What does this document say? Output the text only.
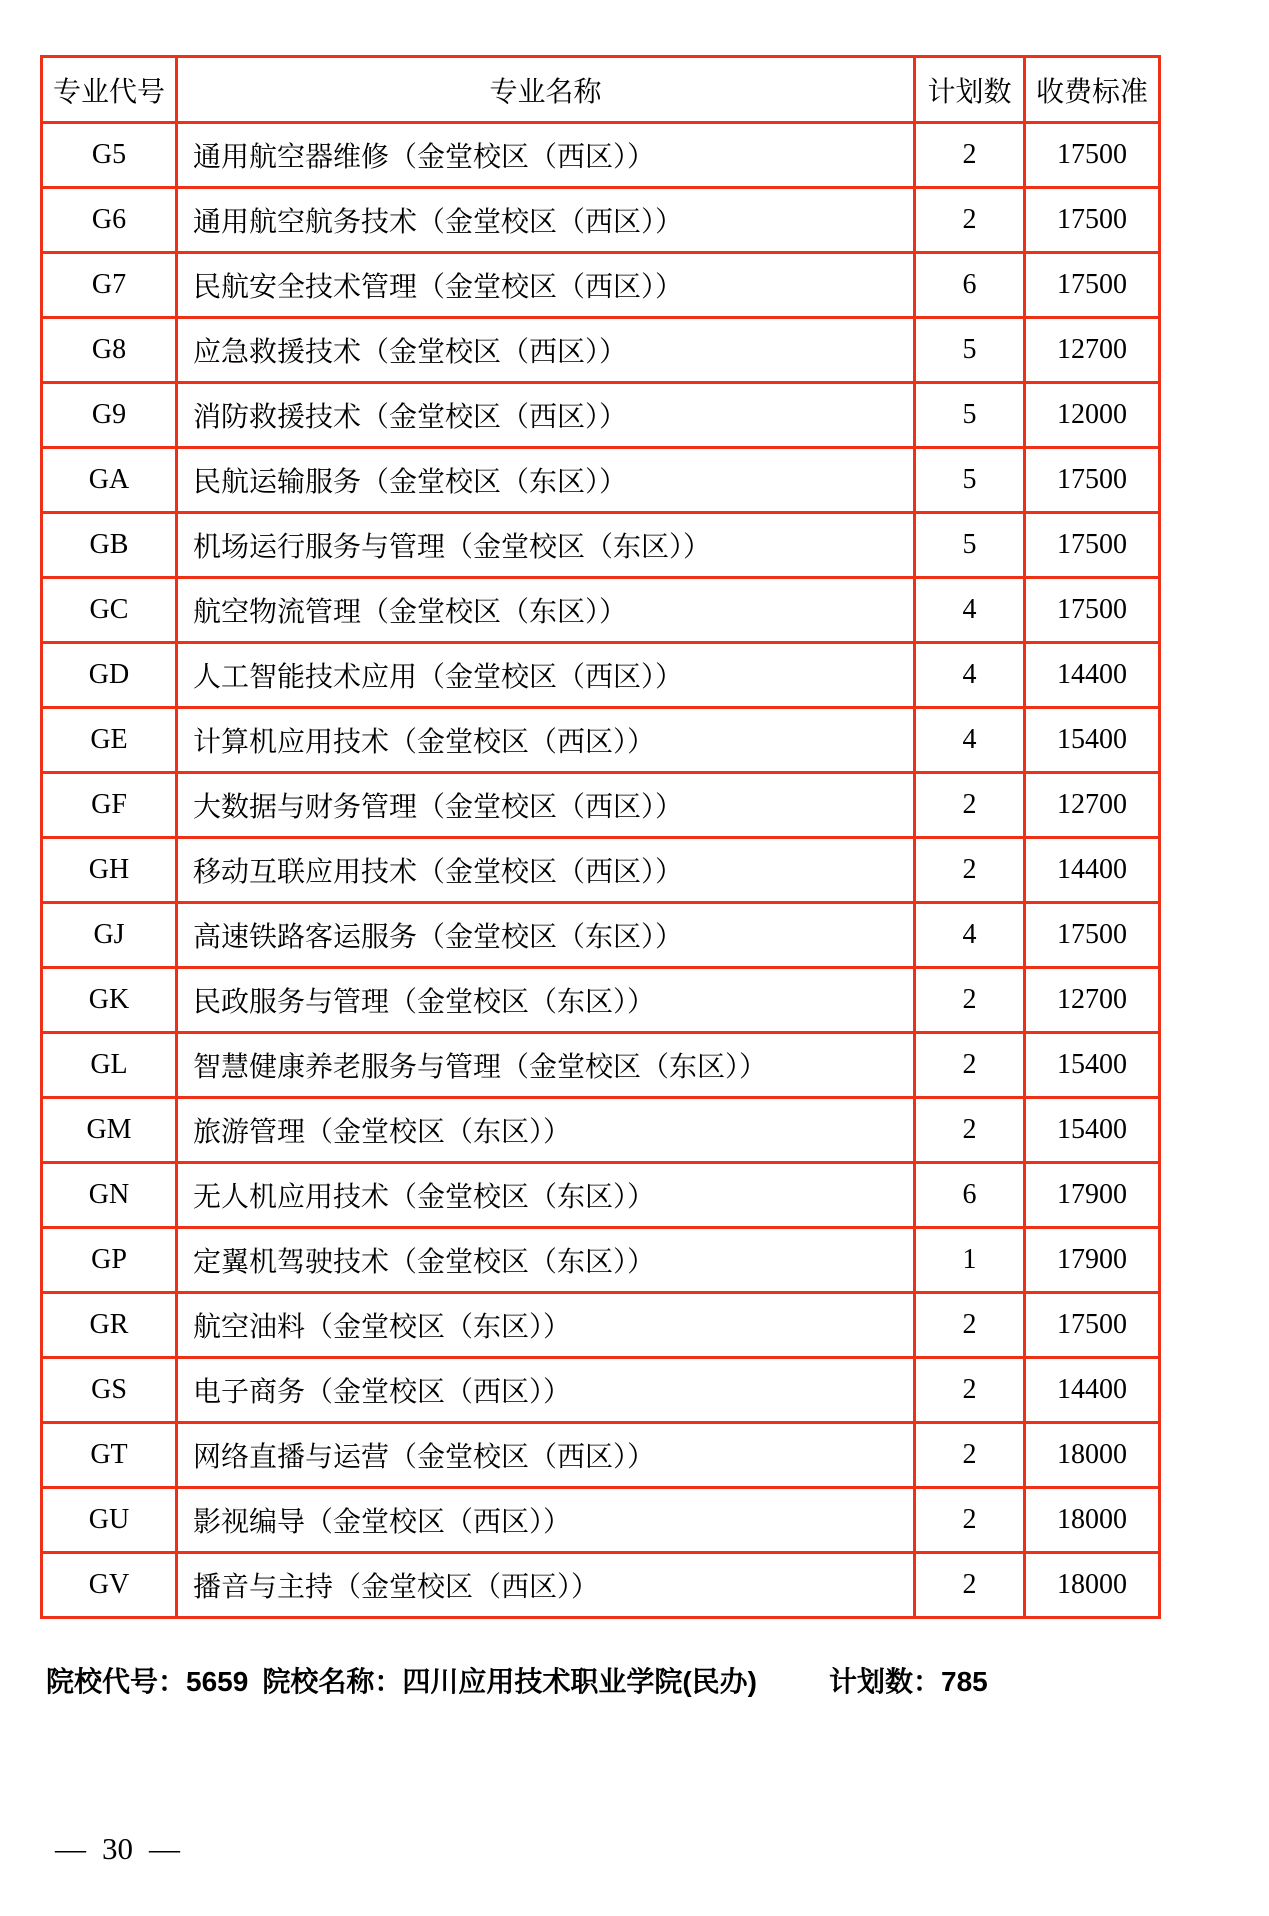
专业代号	专业名称	计划数	收费标准
G5	通用航空器维修（金堂校区（西区））	2	17500
G6	通用航空航务技术（金堂校区（西区））	2	17500
G7	民航安全技术管理（金堂校区（西区））	6	17500
G8	应急救援技术（金堂校区（西区））	5	12700
G9	消防救援技术（金堂校区（西区））	5	12000
GA	民航运输服务（金堂校区（东区））	5	17500
GB	机场运行服务与管理（金堂校区（东区））	5	17500
GC	航空物流管理（金堂校区（东区））	4	17500
GD	人工智能技术应用（金堂校区（西区））	4	14400
GE	计算机应用技术（金堂校区（西区））	4	15400
GF	大数据与财务管理（金堂校区（西区））	2	12700
GH	移动互联应用技术（金堂校区（西区））	2	14400
GJ	高速铁路客运服务（金堂校区（东区））	4	17500
GK	民政服务与管理（金堂校区（东区））	2	12700
GL	智慧健康养老服务与管理（金堂校区（东区））	2	15400
GM	旅游管理（金堂校区（东区））	2	15400
GN	无人机应用技术（金堂校区（东区））	6	17900
GP	定翼机驾驶技术（金堂校区（东区））	1	17900
GR	航空油料（金堂校区（东区））	2	17500
GS	电子商务（金堂校区（西区））	2	14400
GT	网络直播与运营（金堂校区（西区））	2	18000
GU	影视编导（金堂校区（西区））	2	18000
GV	播音与主持（金堂校区（西区））	2	18000
院校代号：5659 院校名称：四川应用技术职业学院(民办)	计划数：785
— 30 —
